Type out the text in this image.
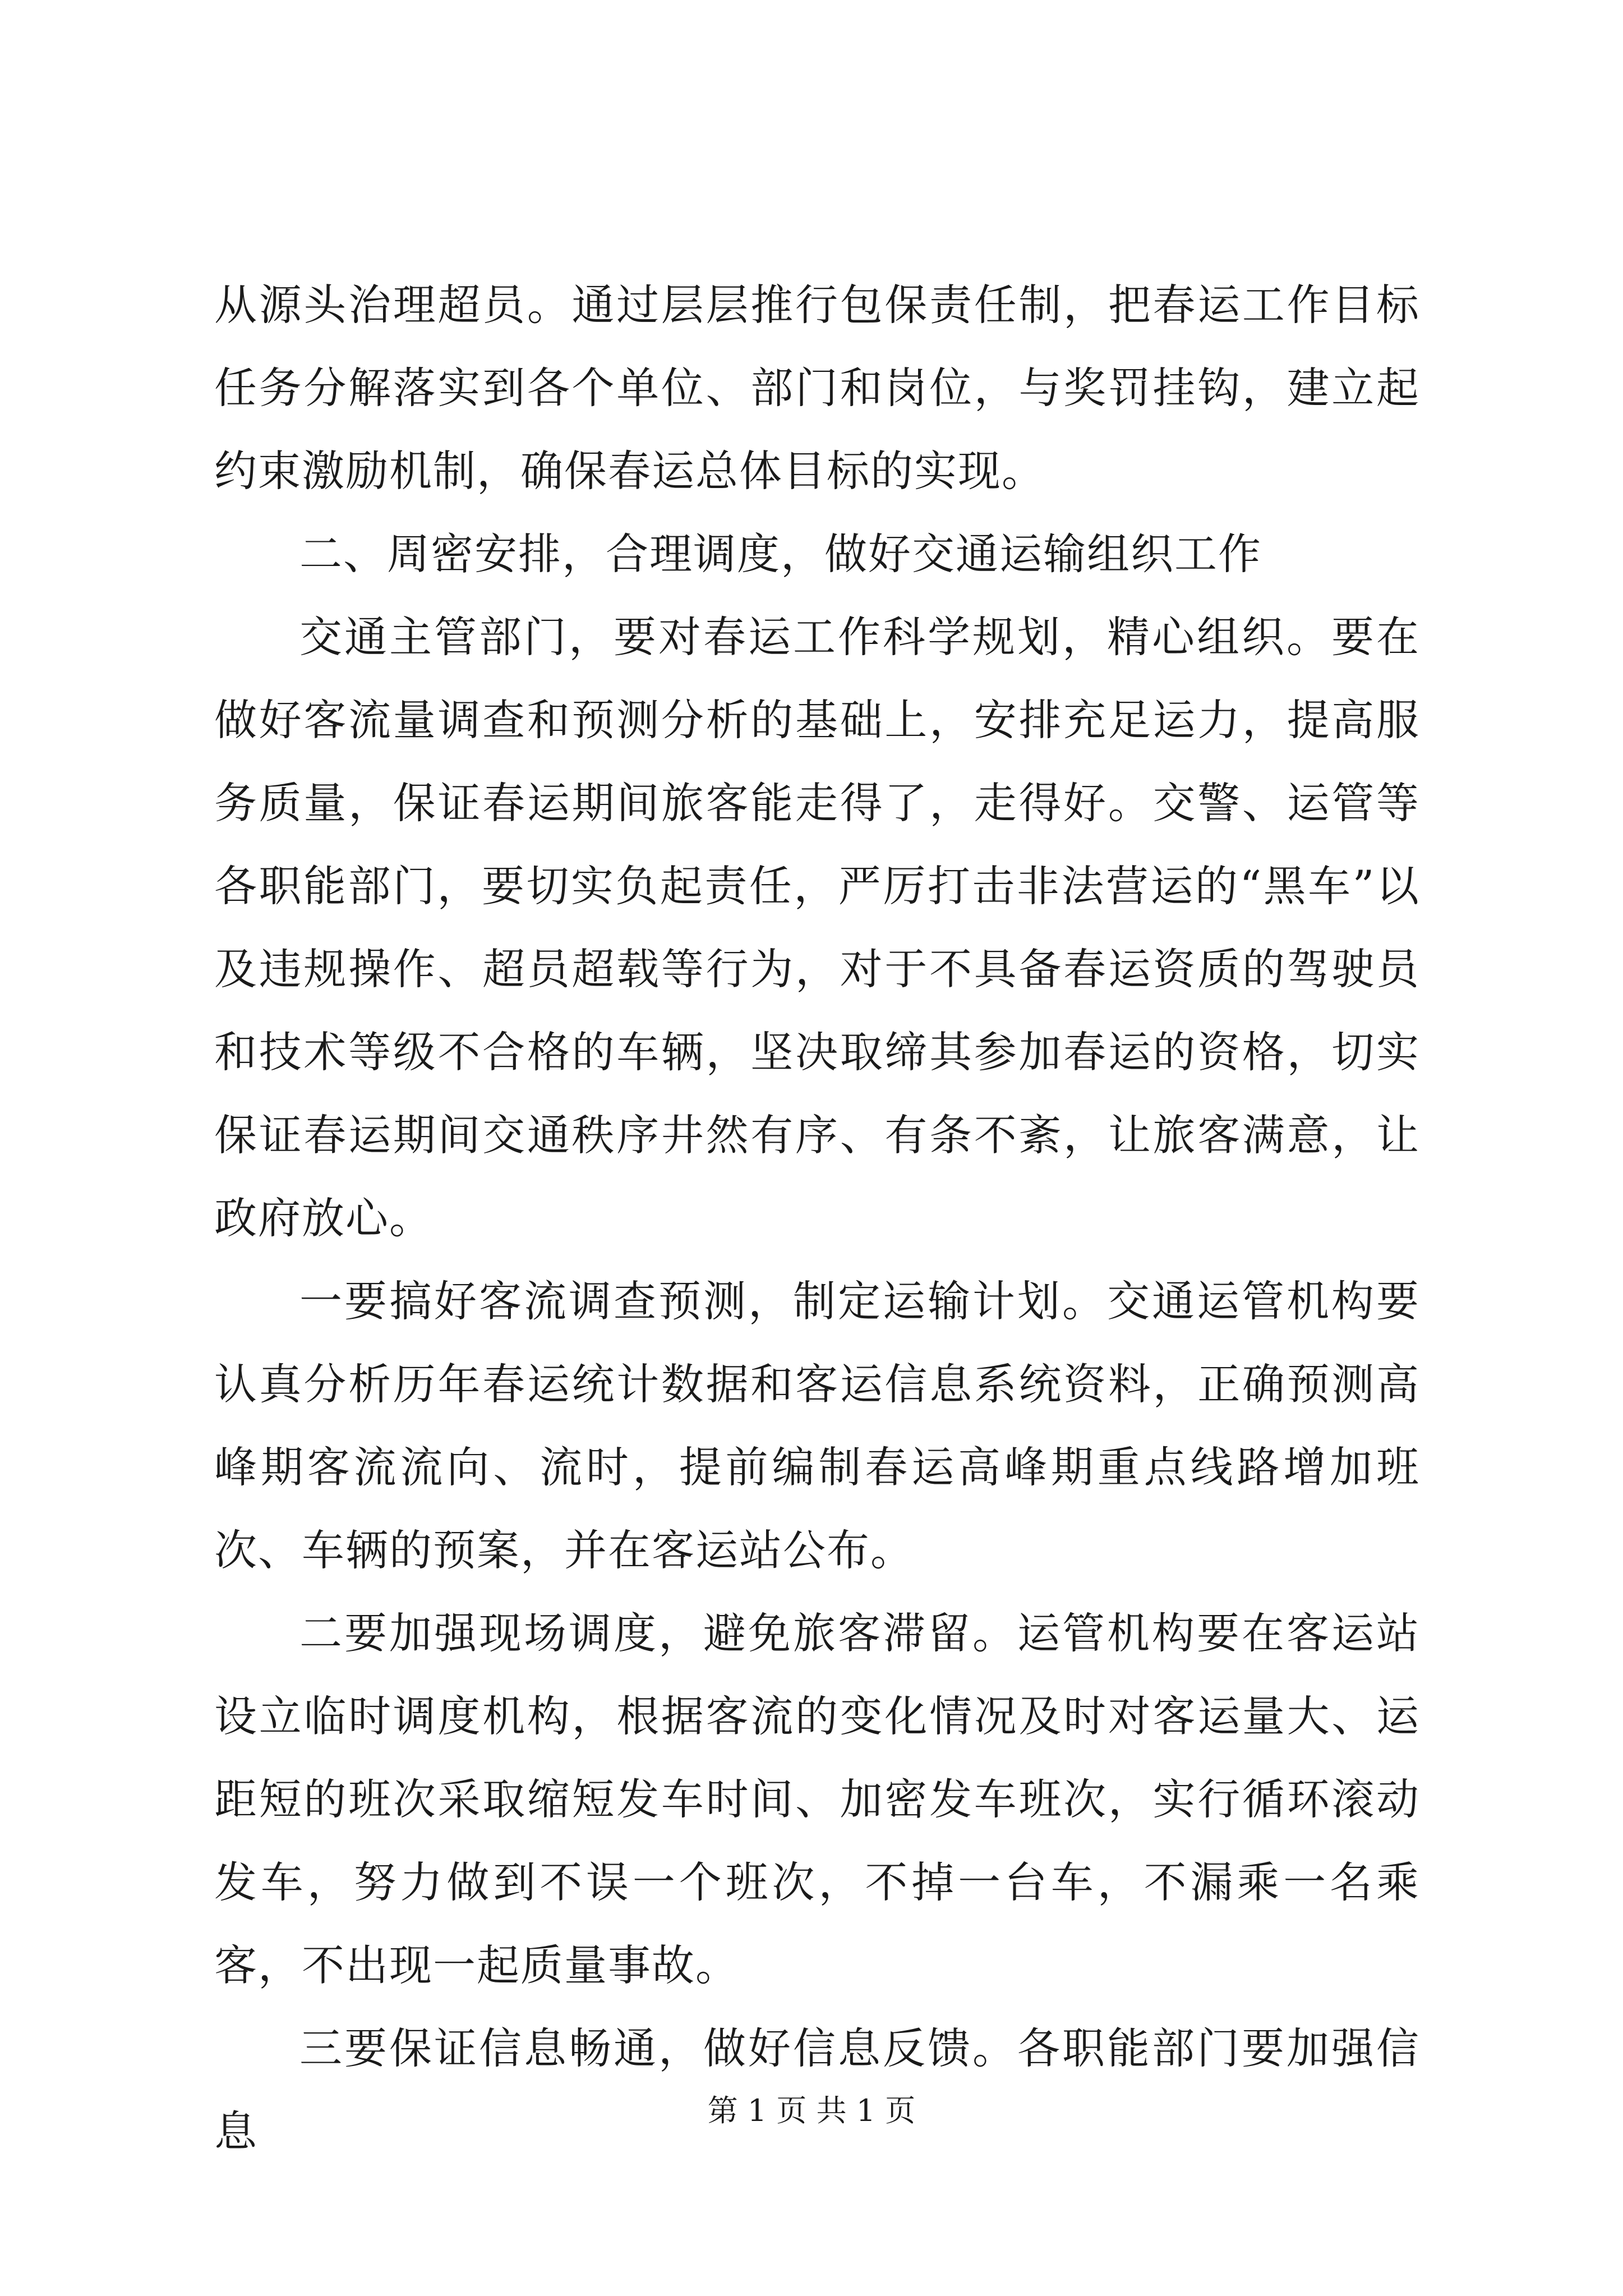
从源头治理超员。通过层层推行包保责任制，把春运工作目标任务分解落实到各个单位、部门和岗位，与奖罚挂钩，建立起约束激励机制，确保春运总体目标的实现。

二、周密安排，合理调度，做好交通运输组织工作

交通主管部门，要对春运工作科学规划，精心组织。要在做好客流量调查和预测分析的基础上，安排充足运力，提高服务质量，保证春运期间旅客能走得了，走得好。交警、运管等各职能部门，要切实负起责任，严厉打击非法营运的“黑车”以及违规操作、超员超载等行为，对于不具备春运资质的驾驶员和技术等级不合格的车辆，坚决取缔其参加春运的资格，切实保证春运期间交通秩序井然有序、有条不紊，让旅客满意，让政府放心。

一要搞好客流调查预测，制定运输计划。交通运管机构要认真分析历年春运统计数据和客运信息系统资料，正确预测高峰期客流流向、流时，提前编制春运高峰期重点线路增加班次、车辆的预案，并在客运站公布。

二要加强现场调度，避免旅客滞留。运管机构要在客运站设立临时调度机构，根据客流的变化情况及时对客运量大、运距短的班次采取缩短发车时间、加密发车班次，实行循环滚动发车，努力做到不误一个班次，不掉一台车，不漏乘一名乘客，不出现一起质量事故。

三要保证信息畅通，做好信息反馈。各职能部门要加强信息	第 1 页 共 1 页
